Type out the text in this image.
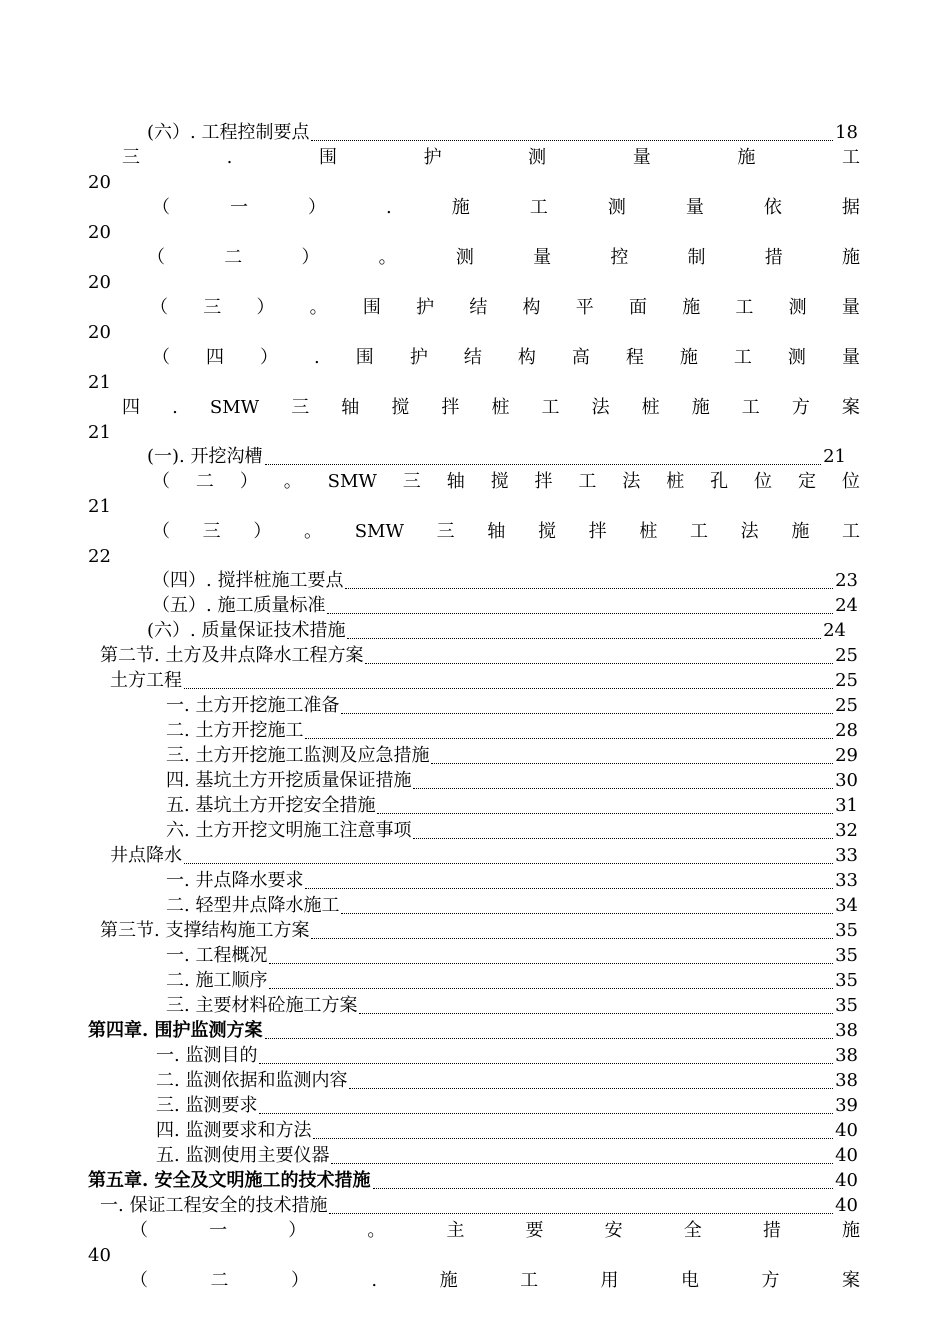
(六）. 工程控制要点	18
三	.	围	护	测	量	施	工
20
（	一	）	.	施	工	测	量	依	据
20
（	二	）	。	测	量	控	制	措	施
20
（ 三 ） 。 围 护 结 构 平 面 施 工 测 量
20
（ 四 ） . 围 护 结 构 高 程 施 工 测 量
21
四 . SMW 三 轴 搅 拌 桩 工 法 桩 施 工 方 案
21
(一). 开挖沟槽	21
（ 二 ） 。 SMW 三 轴 搅 拌 工 法 桩 孔 位 定 位
21
（ 三 ） 。 SMW 三 轴 搅 拌 桩 工 法 施 工
22
（四）. 搅拌桩施工要点	23
（五）. 施工质量标准	24
(六）. 质量保证技术措施	24
第二节. 土方及井点降水工程方案	25
土方工程	25
一. 土方开挖施工准备	25
二. 土方开挖施工	28
三. 土方开挖施工监测及应急措施	29
四. 基坑土方开挖质量保证措施	30
五. 基坑土方开挖安全措施	31
六. 土方开挖文明施工注意事项	32
井点降水	33
一. 井点降水要求	33
二. 轻型井点降水施工	34
第三节. 支撑结构施工方案	35
一. 工程概况	35
二. 施工顺序	35
三. 主要材料砼施工方案	35
第四章. 围护监测方案	38
一. 监测目的	38
二. 监测依据和监测内容	38
三. 监测要求	39
四. 监测要求和方法	40
五. 监测使用主要仪器	40
第五章. 安全及文明施工的技术措施	40
一. 保证工程安全的技术措施	40
（	一	）	。	主	要	安	全	措	施
40
（	二	）	.	施	工	用	电	方	案
